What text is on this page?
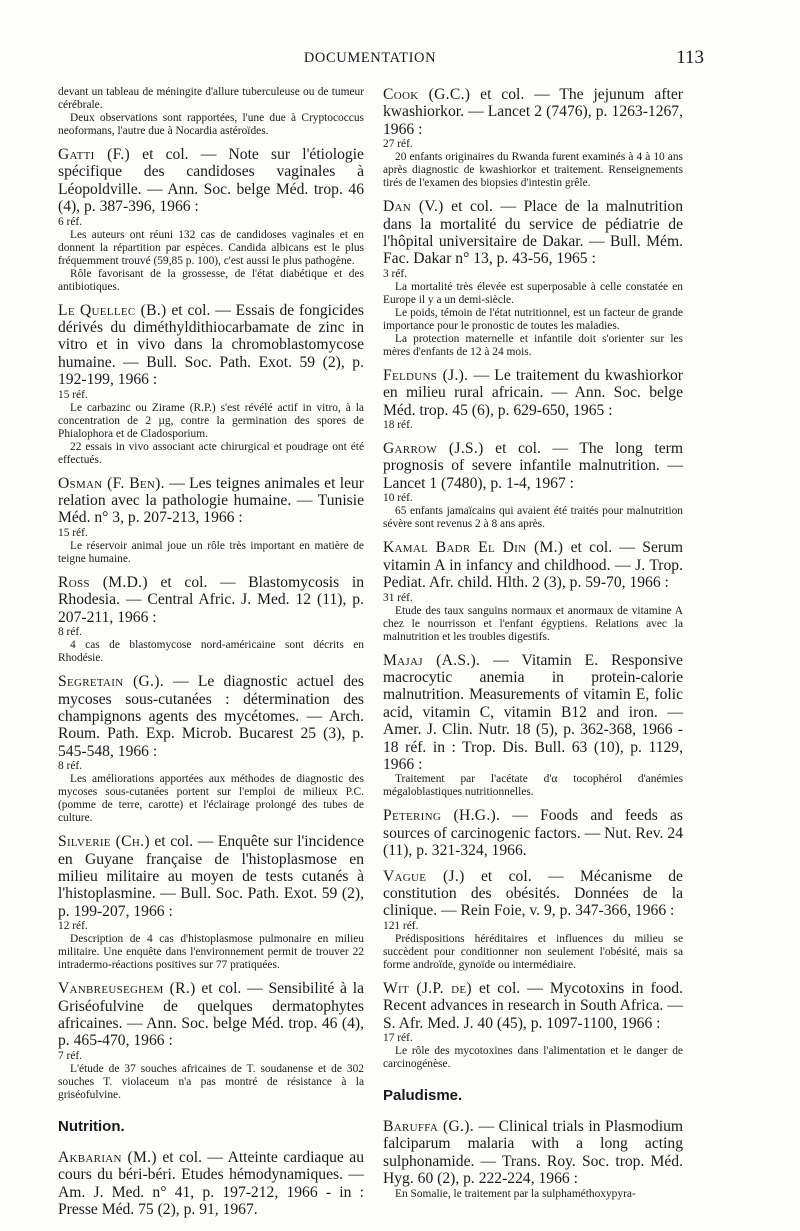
DOCUMENTATION	113

devant un tableau de méningite d'allure tuberculeuse ou de tumeur cérébrale.

Deux observations sont rapportées, l'une due à Cryptococcus neoformans, l'autre due à Nocardia astéroïdes.

Gatti (F.) et col. — Note sur l'étiologie spécifique des candidoses vaginales à Léopoldville. — Ann. Soc. belge Méd. trop. 46 (4), p. 387-396, 1966 :
6 réf.

Les auteurs ont réuni 132 cas de candidoses vaginales et en donnent la répartition par espèces. Candida albicans est le plus fréquemment trouvé (59,85 p. 100), c'est aussi le plus pathogène.

Rôle favorisant de la grossesse, de l'état diabétique et des antibiotiques.

Le Quellec (B.) et col. — Essais de fongicides dérivés du diméthyldithiocarbamate de zinc in vitro et in vivo dans la chromoblastomycose humaine. — Bull. Soc. Path. Exot. 59 (2), p. 192-199, 1966 :
15 réf.

Le carbazinc ou Zirame (R.P.) s'est révélé actif in vitro, à la concentration de 2 µg, contre la germination des spores de Phialophora et de Cladosporium.

22 essais in vivo associant acte chirurgical et poudrage ont été effectués.

Osman (F. Ben). — Les teignes animales et leur relation avec la pathologie humaine. — Tunisie Méd. n° 3, p. 207-213, 1966 :
15 réf.

Le réservoir animal joue un rôle très important en matière de teigne humaine.

Ross (M.D.) et col. — Blastomycosis in Rhodesia. — Central Afric. J. Med. 12 (11), p. 207-211, 1966 :
8 réf.

4 cas de blastomycose nord-américaine sont décrits en Rhodésie.

Segretain (G.). — Le diagnostic actuel des mycoses sous-cutanées : détermination des champignons agents des mycétomes. — Arch. Roum. Path. Exp. Microb. Bucarest 25 (3), p. 545-548, 1966 :
8 réf.

Les améliorations apportées aux méthodes de diagnostic des mycoses sous-cutanées portent sur l'emploi de milieux P.C. (pomme de terre, carotte) et l'éclairage prolongé des tubes de culture.

Silverie (Ch.) et col. — Enquête sur l'incidence en Guyane française de l'histoplasmose en milieu militaire au moyen de tests cutanés à l'histoplasmine. — Bull. Soc. Path. Exot. 59 (2), p. 199-207, 1966 :
12 réf.

Description de 4 cas d'histoplasmose pulmonaire en milieu militaire. Une enquête dans l'environnement permit de trouver 22 intradermo-réactions positives sur 77 pratiquées.

Vanbreuseghem (R.) et col. — Sensibilité à la Griséofulvine de quelques dermatophytes africaines. — Ann. Soc. belge Méd. trop. 46 (4), p. 465-470, 1966 :
7 réf.

L'étude de 37 souches africaines de T. soudanense et de 302 souches T. violaceum n'a pas montré de résistance à la griséofulvine.

Nutrition.
Akbarian (M.) et col. — Atteinte cardiaque au cours du béri-béri. Etudes hémodynamiques. — Am. J. Med. n° 41, p. 197-212, 1966 - in : Presse Méd. 75 (2), p. 91, 1967.
Cook (G.C.) et col. — The jejunum after kwashiorkor. — Lancet 2 (7476), p. 1263-1267, 1966 :
27 réf.

20 enfants originaires du Rwanda furent examinés à 4 à 10 ans après diagnostic de kwashiorkor et traitement. Renseignements tirés de l'examen des biopsies d'intestin grêle.

Dan (V.) et col. — Place de la malnutrition dans la mortalité du service de pédiatrie de l'hôpital universitaire de Dakar. — Bull. Mém. Fac. Dakar n° 13, p. 43-56, 1965 :
3 réf.

La mortalité très élevée est superposable à celle constatée en Europe il y a un demi-siècle.

Le poids, témoin de l'état nutritionnel, est un facteur de grande importance pour le pronostic de toutes les maladies.

La protection maternelle et infantile doit s'orienter sur les mères d'enfants de 12 à 24 mois.

Felduns (J.). — Le traitement du kwashiorkor en milieu rural africain. — Ann. Soc. belge Méd. trop. 45 (6), p. 629-650, 1965 :
18 réf.
Garrow (J.S.) et col. — The long term prognosis of severe infantile malnutrition. — Lancet 1 (7480), p. 1-4, 1967 :
10 réf.

65 enfants jamaïcains qui avaient été traités pour malnutrition sévère sont revenus 2 à 8 ans après.

Kamal Badr El Din (M.) et col. — Serum vitamin A in infancy and childhood. — J. Trop. Pediat. Afr. child. Hlth. 2 (3), p. 59-70, 1966 :
31 réf.

Etude des taux sanguins normaux et anormaux de vitamine A chez le nourrisson et l'enfant égyptiens. Relations avec la malnutrition et les troubles digestifs.

Majaj (A.S.). — Vitamin E. Responsive macrocytic anemia in protein-calorie malnutrition. Measurements of vitamin E, folic acid, vitamin C, vitamin B12 and iron. — Amer. J. Clin. Nutr. 18 (5), p. 362-368, 1966 - 18 réf. in : Trop. Dis. Bull. 63 (10), p. 1129, 1966 :

Traitement par l'acétate d'α tocophérol d'anémies mégaloblastiques nutritionnelles.

Petering (H.G.). — Foods and feeds as sources of carcinogenic factors. — Nut. Rev. 24 (11), p. 321-324, 1966.
Vague (J.) et col. — Mécanisme de constitution des obésités. Données de la clinique. — Rein Foie, v. 9, p. 347-366, 1966 :
121 réf.

Prédispositions héréditaires et influences du milieu se succèdent pour conditionner non seulement l'obésité, mais sa forme androïde, gynoïde ou intermédiaire.

Wit (J.P. de) et col. — Mycotoxins in food. Recent advances in research in South Africa. — S. Afr. Med. J. 40 (45), p. 1097-1100, 1966 :
17 réf.

Le rôle des mycotoxines dans l'alimentation et le danger de carcinogénèse.

Paludisme.
Baruffa (G.). — Clinical trials in Plasmodium falciparum malaria with a long acting sulphonamide. — Trans. Roy. Soc. trop. Méd. Hyg. 60 (2), p. 222-224, 1966 :

En Somalie, le traitement par la sulphaméthoxypyra-
